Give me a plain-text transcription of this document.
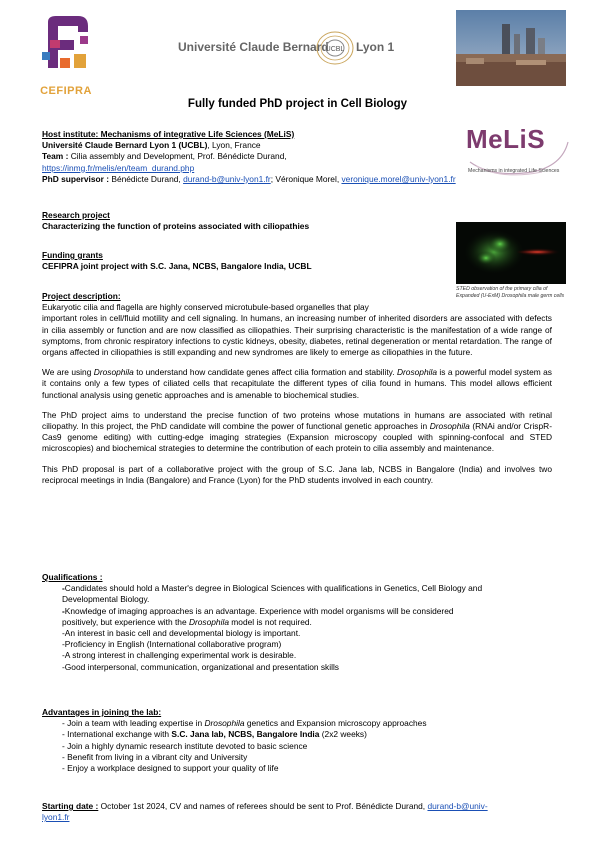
CEFIPRA
Université Claude Bernard
UCBL Lyon 1
Fully funded PhD project in Cell Biology
Host institute: Mechanisms of integrative Life Sciences (MeLiS)
Université Claude Bernard Lyon 1 (UCBL), Lyon, France
Team : Cilia assembly and Development, Prof. Bénédicte Durand,
https://inmg.fr/melis/en/team_durand.php
PhD supervisor : Bénédicte Durand, durand-b@univ-lyon1.fr; Véronique Morel, veronique.morel@univ-lyon1.fr
MeLiS
Mechanisms in integrated Life Sciences
Research project
Characterizing the function of proteins associated with ciliopathies
Funding grants
CEFIPRA joint project with S.C. Jana, NCBS, Bangalore India, UCBL
STED observation of the primary cilia of
Expanded (U-ExM) Drosophila male germ cells
Project description:
Eukaryotic cilia and flagella are highly conserved microtubule-based organelles that play
important roles in cell/fluid motility and cell signaling. In humans, an increasing number of inherited disorders are associated with defects in cilia assembly or function and are now classified as ciliopathies. Their surprising characteristic is the manifestation of a wide range of symptoms, from chronic respiratory infections to cystic kidneys, obesity, diabetes, retinal degeneration or mental retardation. The range of organs affected in ciliopathies is still expanding and new syndromes are likely to emerge as ciliopathies in the future.
We are using Drosophila to understand how candidate genes affect cilia formation and stability. Drosophila is a powerful model system as it contains only a few types of ciliated cells that recapitulate the different types of cilia found in humans. This model allows efficient functional analysis using genetic approaches and is amenable to biochemical studies.
The PhD project aims to understand the precise function of two proteins whose mutations in humans are associated with retinal ciliopathy. In this project, the PhD candidate will combine the power of functional genetic approaches in Drosophila (RNAi and/or CrispR-Cas9 genome editing) with cutting-edge imaging strategies (Expansion microscopy coupled with spinning-confocal and STED microscopies) and biochemical strategies to determine the contribution of each protein to cilia assembly and maintenance.
This PhD proposal is part of a collaborative project with the group of S.C. Jana lab, NCBS in Bangalore (India) and involves two reciprocal meetings in India (Bangalore) and France (Lyon) for the PhD students involved in each country.
Qualifications :
-Candidates should hold a Master's degree in Biological Sciences with qualifications in Genetics, Cell Biology and
Developmental Biology.
-Knowledge of imaging approaches is an advantage. Experience with model organisms will be considered
positively, but experience with the Drosophila model is not required.
-An interest in basic cell and developmental biology is important.
-Proficiency in English (International collaborative program)
-A strong interest in challenging experimental work is desirable.
-Good interpersonal, communication, organizational and presentation skills
Advantages in joining the lab:
- Join a team with leading expertise in Drosophila genetics and Expansion microscopy approaches
- International exchange with S.C. Jana lab, NCBS, Bangalore India (2x2 weeks)
- Join a highly dynamic research institute devoted to basic science
- Benefit from living in a vibrant city and University
- Enjoy a workplace designed to support your quality of life
Starting date : October 1st 2024, CV and names of referees should be sent to Prof. Bénédicte Durand, durand-b@univ-
lyon1.fr
